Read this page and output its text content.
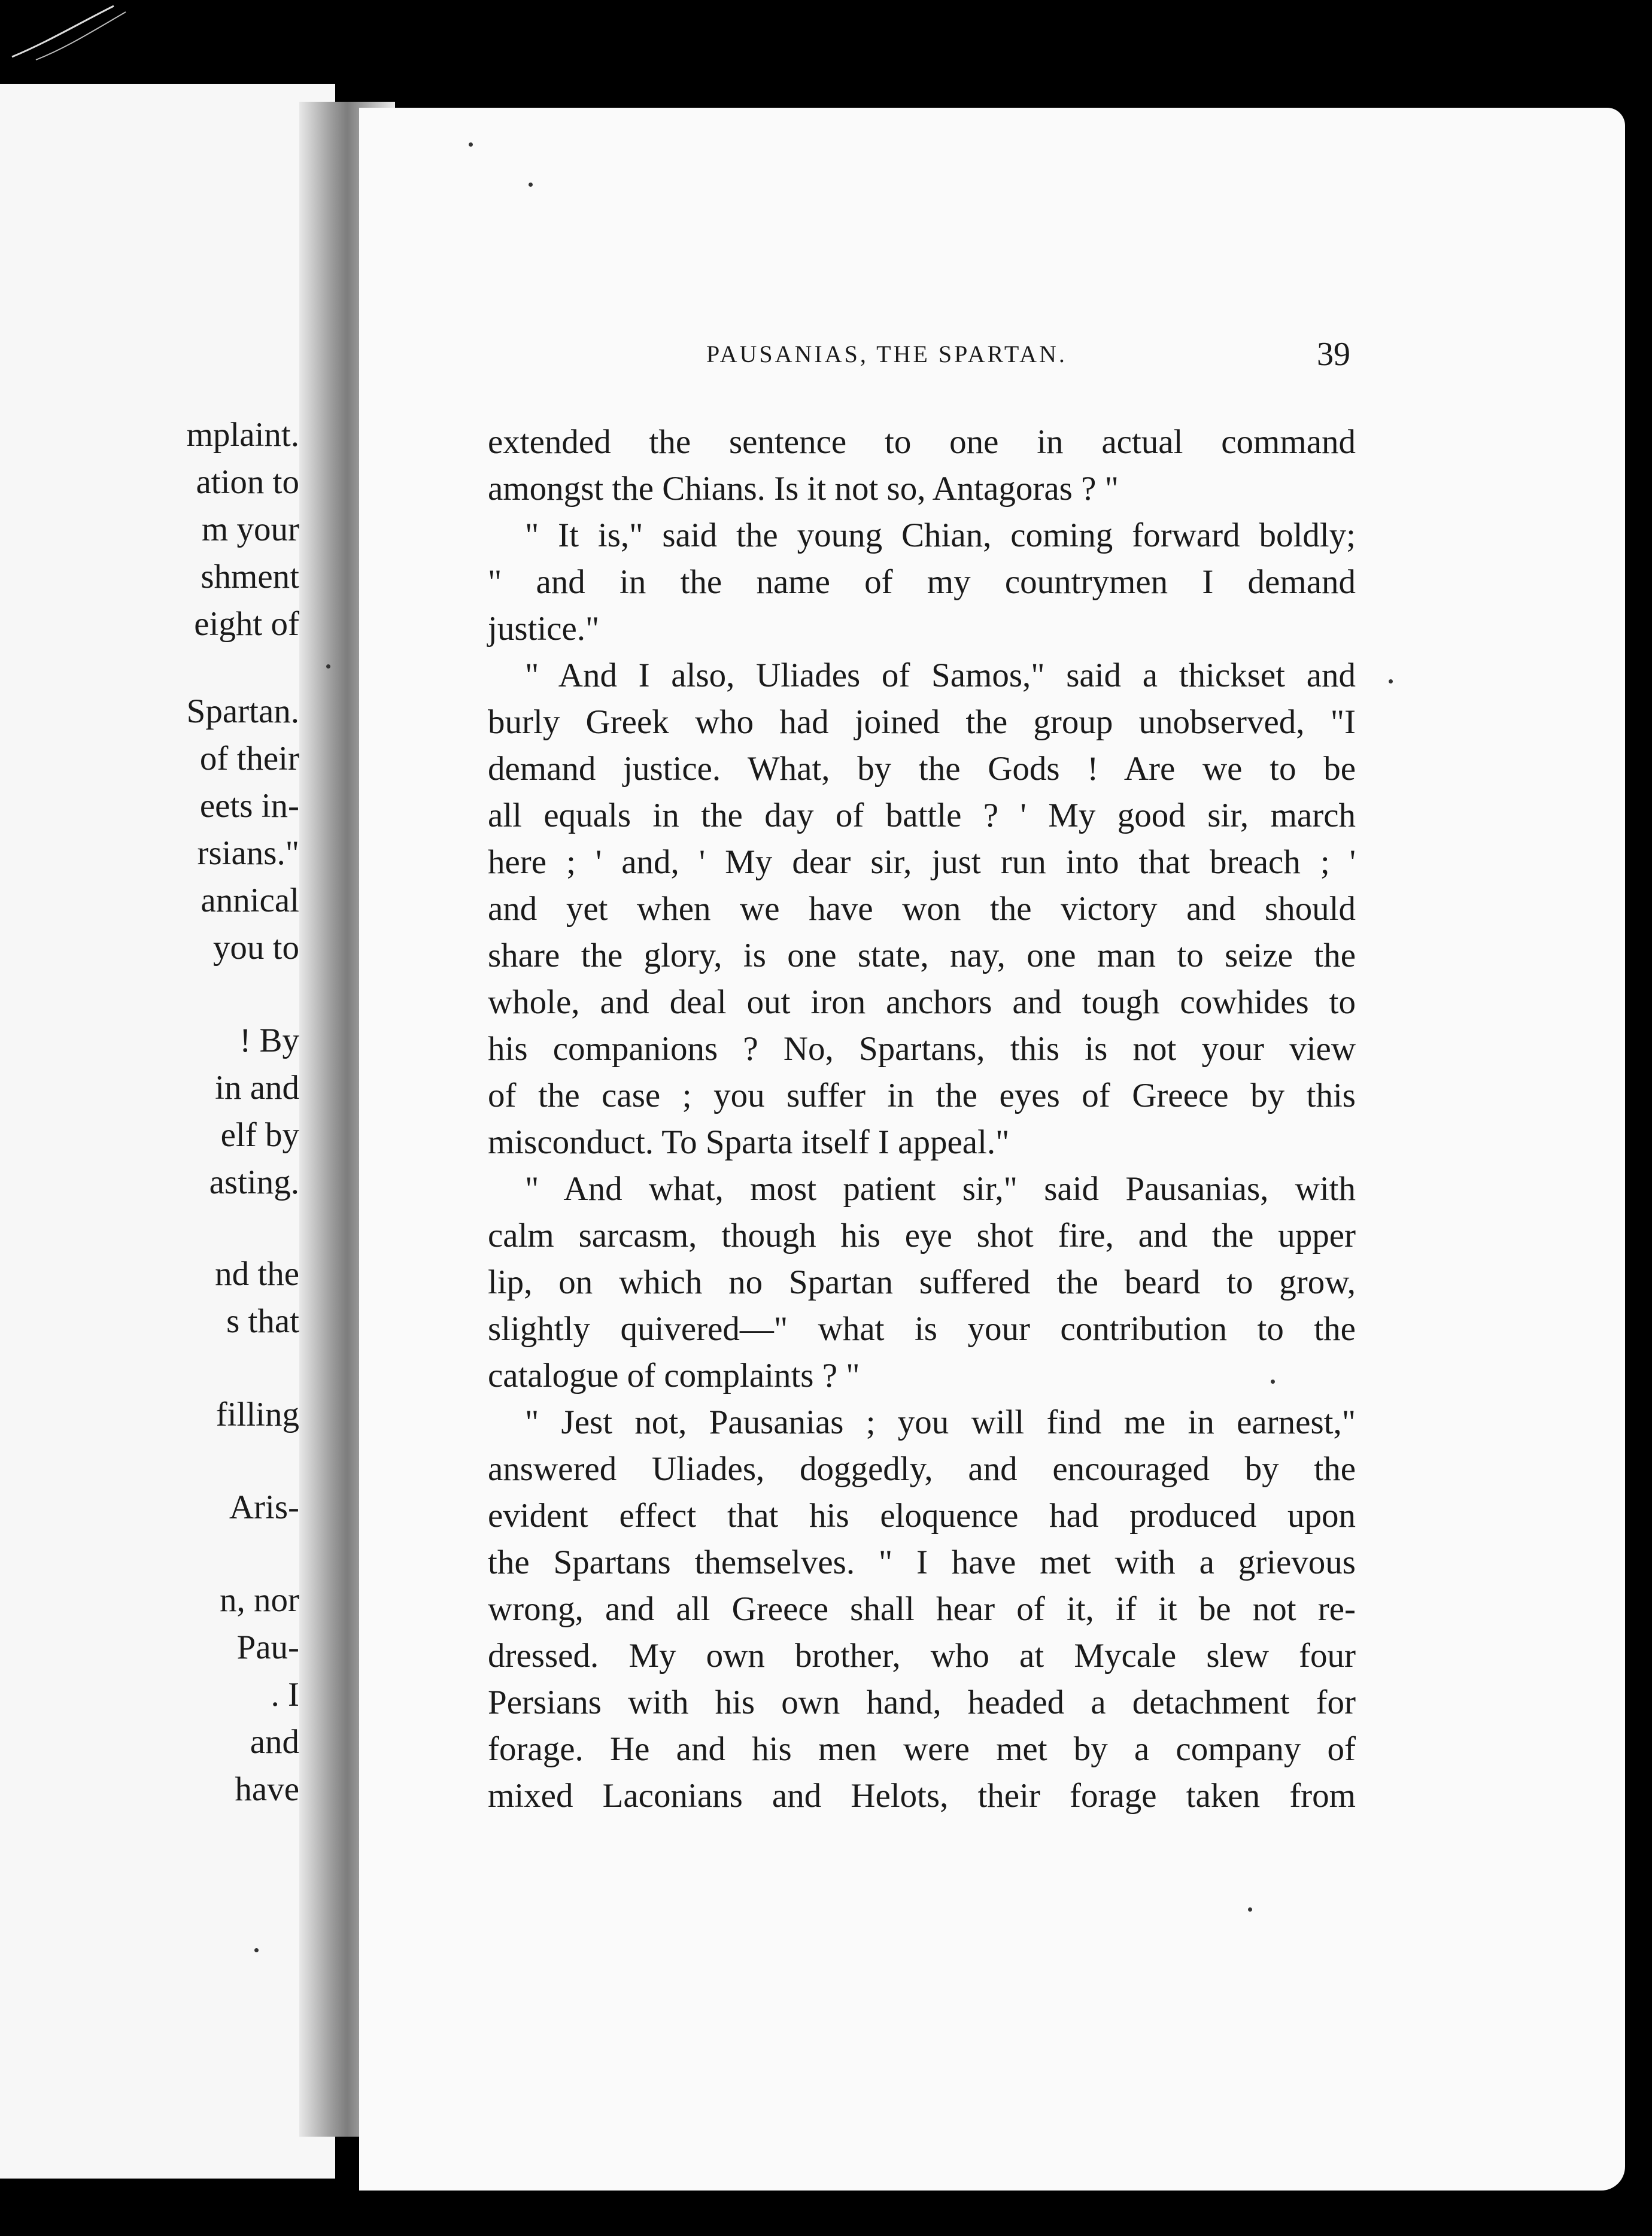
mplaint.
ation to
m your
shment
eight of
Spartan.
of their
eets in-
rsians."
annical
you to
! By
in and
elf by
asting.
nd the
s that
filling
Aris-
n, nor
Pau-
. I
and
have
PAUSANIAS, THE SPARTAN.	39
extended the sentence to one in actual command
amongst the Chians. Is it not so, Antagoras ? "
" It is," said the young Chian, coming forward boldly;
" and in the name of my countrymen I demand
justice."
" And I also, Uliades of Samos," said a thickset and
burly Greek who had joined the group unobserved, "I
demand justice. What, by the Gods ! Are we to be
all equals in the day of battle ? ' My good sir, march
here ; ' and, ' My dear sir, just run into that breach ; '
and yet when we have won the victory and should
share the glory, is one state, nay, one man to seize the
whole, and deal out iron anchors and tough cowhides to
his companions ? No, Spartans, this is not your view
of the case ; you suffer in the eyes of Greece by this
misconduct. To Sparta itself I appeal."
" And what, most patient sir," said Pausanias, with
calm sarcasm, though his eye shot fire, and the upper
lip, on which no Spartan suffered the beard to grow,
slightly quivered—" what is your contribution to the
catalogue of complaints ? "
" Jest not, Pausanias ; you will find me in earnest,"
answered Uliades, doggedly, and encouraged by the
evident effect that his eloquence had produced upon
the Spartans themselves. " I have met with a grievous
wrong, and all Greece shall hear of it, if it be not re-
dressed. My own brother, who at Mycale slew four
Persians with his own hand, headed a detachment for
forage. He and his men were met by a company of
mixed Laconians and Helots, their forage taken from
